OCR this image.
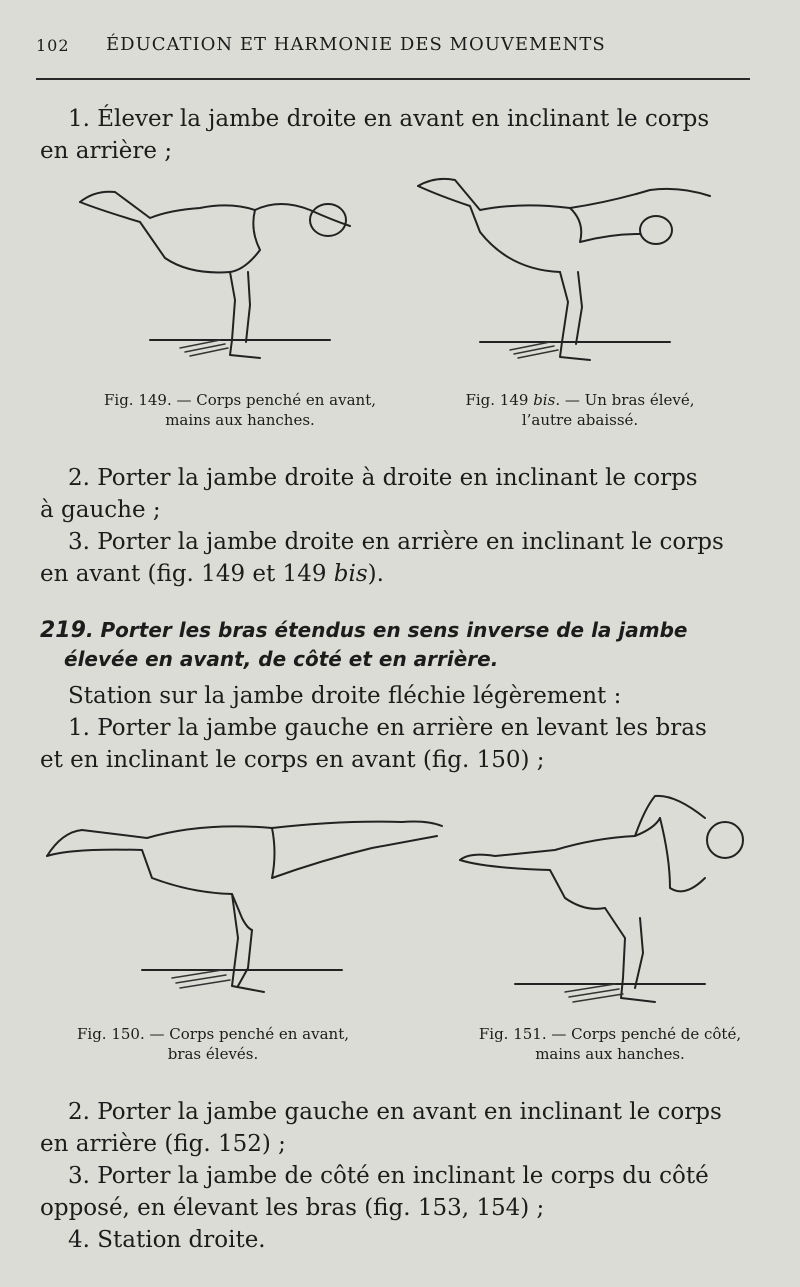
102 ÉDUCATION ET HARMONIE DES MOUVEMENTS
1. Élever la jambe droite en avant en inclinant le corps
en arrière ;
Fig. 149. — Corps penché en avant,
mains aux hanches.
Fig. 149 bis. — Un bras élevé,
l’autre abaissé.
2. Porter la jambe droite à droite en inclinant le corps
à gauche ;
3. Porter la jambe droite en arrière en inclinant le corps
en avant (fig. 149 et 149 bis).
219. Porter les bras étendus en sens inverse de la jambe
élevée en avant, de côté et en arrière.
Station sur la jambe droite fléchie légèrement :
1. Porter la jambe gauche en arrière en levant les bras
et en inclinant le corps en avant (fig. 150) ;
Fig. 150. — Corps penché en avant,
bras élevés.
Fig. 151. — Corps penché de côté,
mains aux hanches.
2. Porter la jambe gauche en avant en inclinant le corps
en arrière (fig. 152) ;
3. Porter la jambe de côté en inclinant le corps du côté
opposé, en élevant les bras (fig. 153, 154) ;
4. Station droite.
